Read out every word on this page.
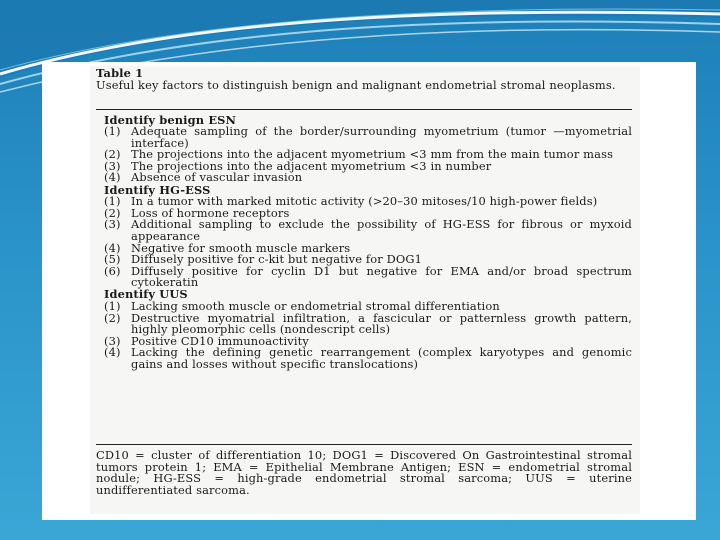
Table 1
Useful key factors to distinguish benign and malignant endometrial stromal neoplasms.
Identify benign ESN
(1) Adequate sampling of the border/surrounding myometrium (tumor —myometrial interface)
(2) The projections into the adjacent myometrium <3 mm from the main tumor mass
(3) The projections into the adjacent myometrium <3 in number
(4) Absence of vascular invasion
Identify HG-ESS
(1) In a tumor with marked mitotic activity (>20–30 mitoses/10 high-power fields)
(2) Loss of hormone receptors
(3) Additional sampling to exclude the possibility of HG-ESS for fibrous or myxoid appearance
(4) Negative for smooth muscle markers
(5) Diffusely positive for c-kit but negative for DOG1
(6) Diffusely positive for cyclin D1 but negative for EMA and/or broad spectrum cytokeratin
Identify UUS
(1) Lacking smooth muscle or endometrial stromal differentiation
(2) Destructive myomatrial infiltration, a fascicular or patternless growth pattern, highly pleomorphic cells (nondescript cells)
(3) Positive CD10 immunoactivity
(4) Lacking the defining genetic rearrangement (complex karyotypes and genomic gains and losses without specific translocations)
CD10 = cluster of differentiation 10; DOG1 = Discovered On Gastrointestinal stromal tumors protein 1; EMA = Epithelial Membrane Antigen; ESN = endometrial stromal nodule; HG-ESS = high-grade endometrial stromal sarcoma; UUS = uterine undifferentiated sarcoma.
